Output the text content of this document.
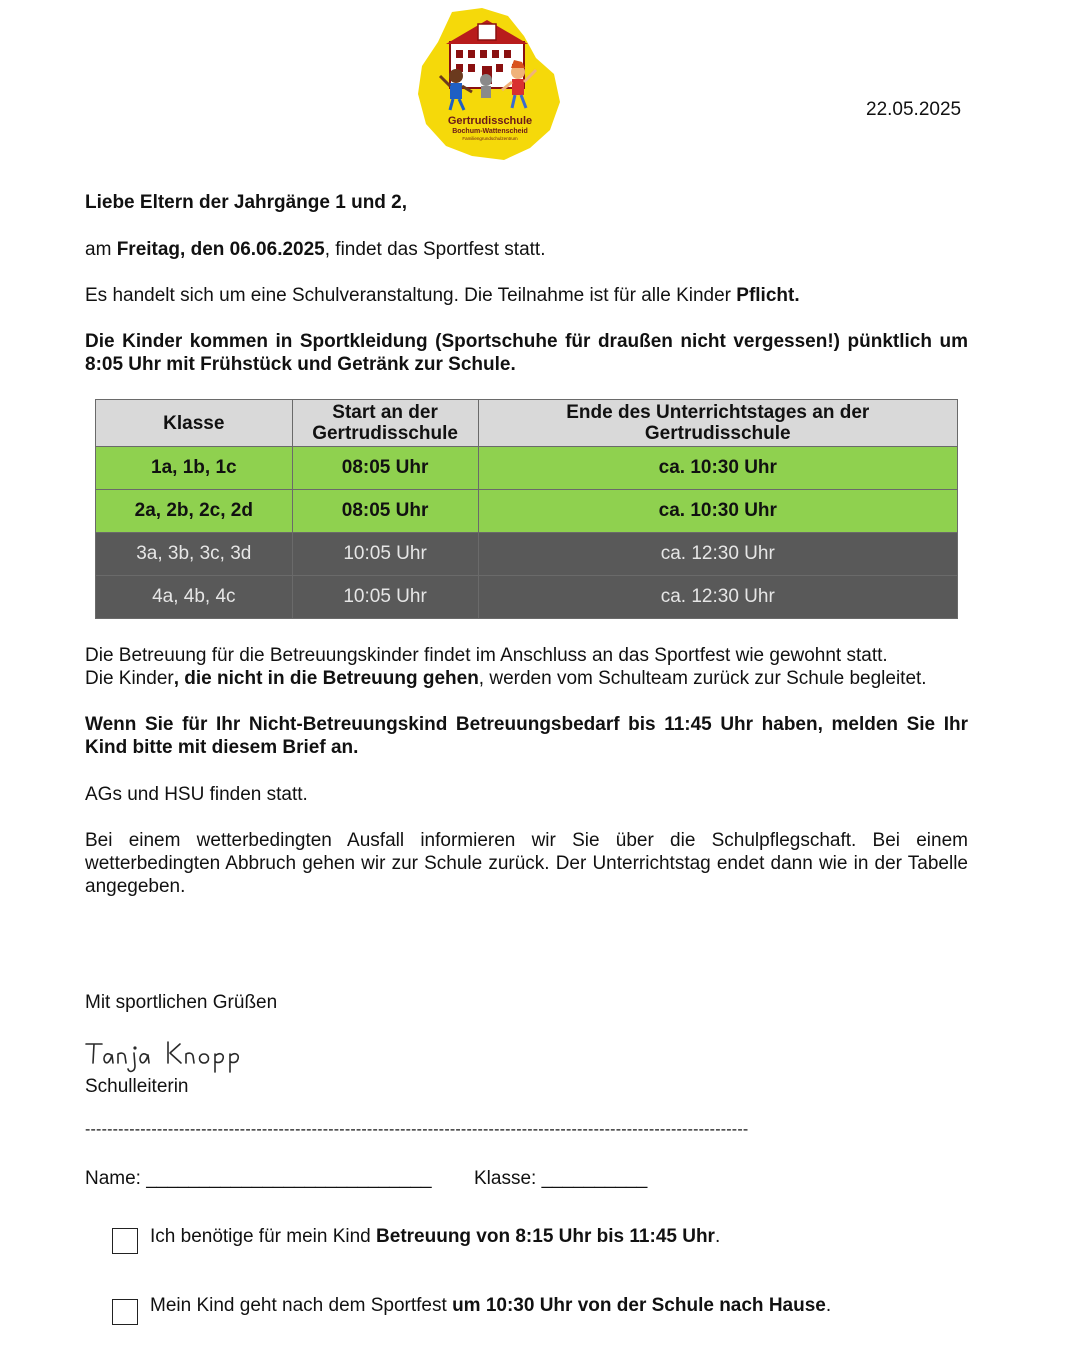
Gertrudisschule
Bochum-Wattenscheid
Familiengrundschulzentrum
22.05.2025

Liebe Eltern der Jahrgänge 1 und 2,

am Freitag, den 06.06.2025, findet das Sportfest statt.

Es handelt sich um eine Schulveranstaltung. Die Teilnahme ist für alle Kinder Pflicht.

Die Kinder kommen in Sportkleidung (Sportschuhe für draußen nicht vergessen!) pünktlich um 8:05 Uhr mit Frühstück und Getränk zur Schule.

Klasse	Start an der Gertrudisschule	Ende des Unterrichtstages an der Gertrudisschule
1a, 1b, 1c	08:05 Uhr	ca. 10:30 Uhr
2a, 2b, 2c, 2d	08:05 Uhr	ca. 10:30 Uhr
3a, 3b, 3c, 3d	10:05 Uhr	ca. 12:30 Uhr
4a, 4b, 4c	10:05 Uhr	ca. 12:30 Uhr

Die Betreuung für die Betreuungskinder findet im Anschluss an das Sportfest wie gewohnt statt.
Die Kinder, die nicht in die Betreuung gehen, werden vom Schulteam zurück zur Schule begleitet.

Wenn Sie für Ihr Nicht-Betreuungskind Betreuungsbedarf bis 11:45 Uhr haben, melden Sie Ihr Kind bitte mit diesem Brief an.

AGs und HSU finden statt.

Bei einem wetterbedingten Ausfall informieren wir Sie über die Schulpflegschaft. Bei einem wetterbedingten Abbruch gehen wir zur Schule zurück. Der Unterrichtstag endet dann wie in der Tabelle angegeben.

Mit sportlichen Grüßen

Schulleiterin

------------------------------------------------------------------------------------------------------------------------

Name: ___________________________ Klasse: __________

Ich benötige für mein Kind Betreuung von 8:15 Uhr bis 11:45 Uhr.

Mein Kind geht nach dem Sportfest um 10:30 Uhr von der Schule nach Hause.
